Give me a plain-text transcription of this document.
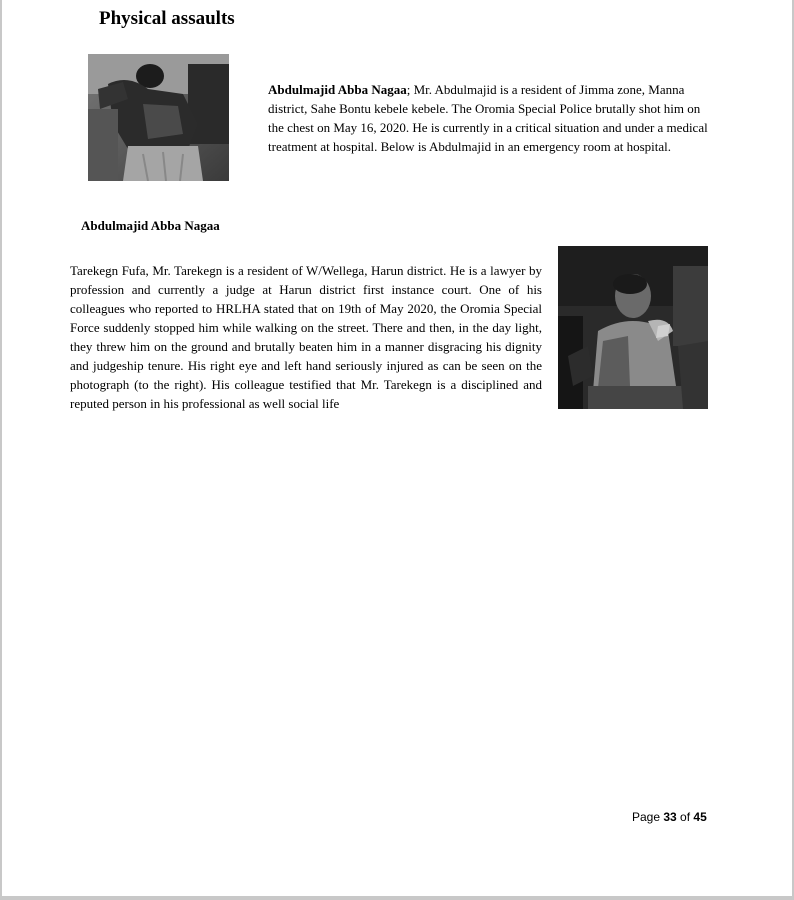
Physical assaults

Abdulmajid Abba Nagaa; Mr. Abdulmajid is a resident of Jimma zone, Manna district, Sahe Bontu kebele kebele. The Oromia Special Police brutally shot him on the chest on May 16, 2020. He is currently in a critical situation and under a medical treatment at hospital. Below is Abdulmajid in an emergency room at hospital.

Abdulmajid Abba Nagaa

Tarekegn Fufa, Mr. Tarekegn is a resident of W/Wellega, Harun district. He is a lawyer by profession and currently a judge at Harun district first instance court. One of his colleagues who reported to HRLHA stated that on 19th of May 2020, the Oromia Special Force suddenly stopped him while walking on the street. There and then, in the day light, they threw him on the ground and brutally beaten him in a manner disgracing his dignity and judgeship tenure. His right eye and left hand seriously injured as can be seen on the photograph (to the right). His colleague testified that Mr. Tarekegn is a disciplined and reputed person in his professional as well social life

Page 33 of 45
